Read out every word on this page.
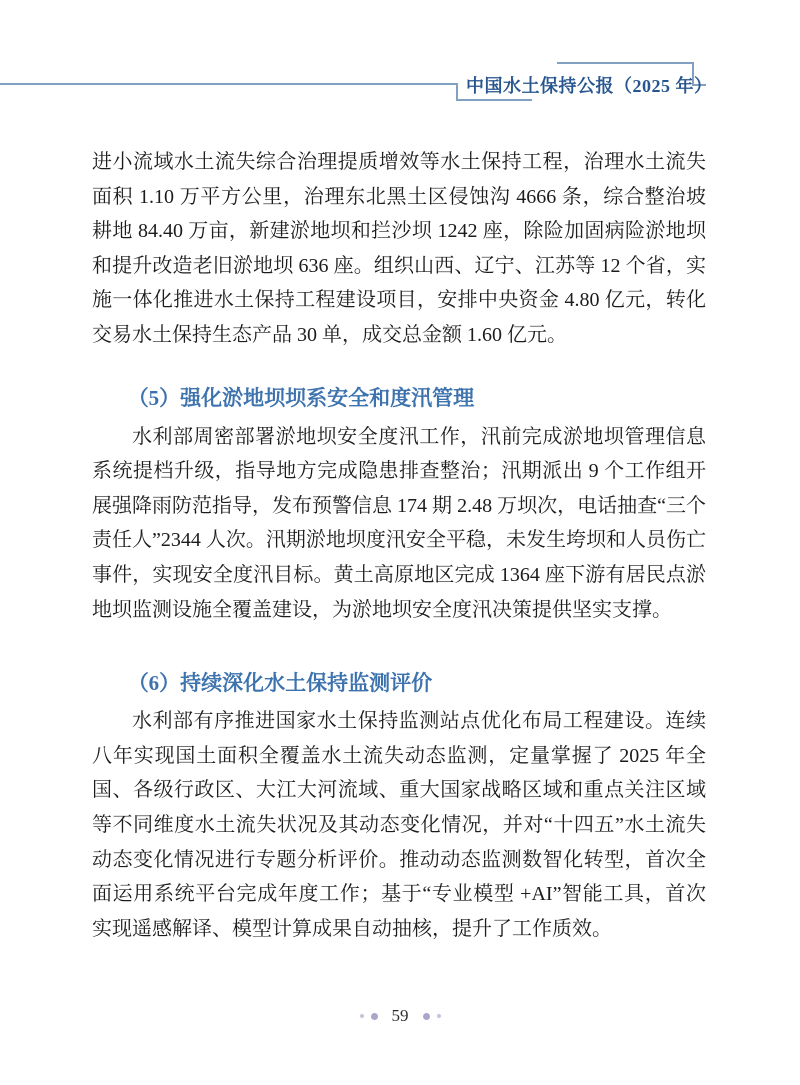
中国水土保持公报（2025 年）

进小流域水土流失综合治理提质增效等水土保持工程，治理水土流失面积 1.10 万平方公里，治理东北黑土区侵蚀沟 4666 条，综合整治坡耕地 84.40 万亩，新建淤地坝和拦沙坝 1242 座，除险加固病险淤地坝和提升改造老旧淤地坝 636 座。组织山西、辽宁、江苏等 12 个省，实施一体化推进水土保持工程建设项目，安排中央资金 4.80 亿元，转化交易水土保持生态产品 30 单，成交总金额 1.60 亿元。

（5）强化淤地坝坝系安全和度汛管理

水利部周密部署淤地坝安全度汛工作，汛前完成淤地坝管理信息系统提档升级，指导地方完成隐患排查整治；汛期派出 9 个工作组开展强降雨防范指导，发布预警信息 174 期 2.48 万坝次，电话抽查“三个责任人”2344 人次。汛期淤地坝度汛安全平稳，未发生垮坝和人员伤亡事件，实现安全度汛目标。黄土高原地区完成 1364 座下游有居民点淤地坝监测设施全覆盖建设，为淤地坝安全度汛决策提供坚实支撑。

（6）持续深化水土保持监测评价

水利部有序推进国家水土保持监测站点优化布局工程建设。连续八年实现国土面积全覆盖水土流失动态监测，定量掌握了 2025 年全国、各级行政区、大江大河流域、重大国家战略区域和重点关注区域等不同维度水土流失状况及其动态变化情况，并对“十四五”水土流失动态变化情况进行专题分析评价。推动动态监测数智化转型，首次全面运用系统平台完成年度工作；基于“专业模型 +AI”智能工具，首次实现遥感解译、模型计算成果自动抽核，提升了工作质效。

59
